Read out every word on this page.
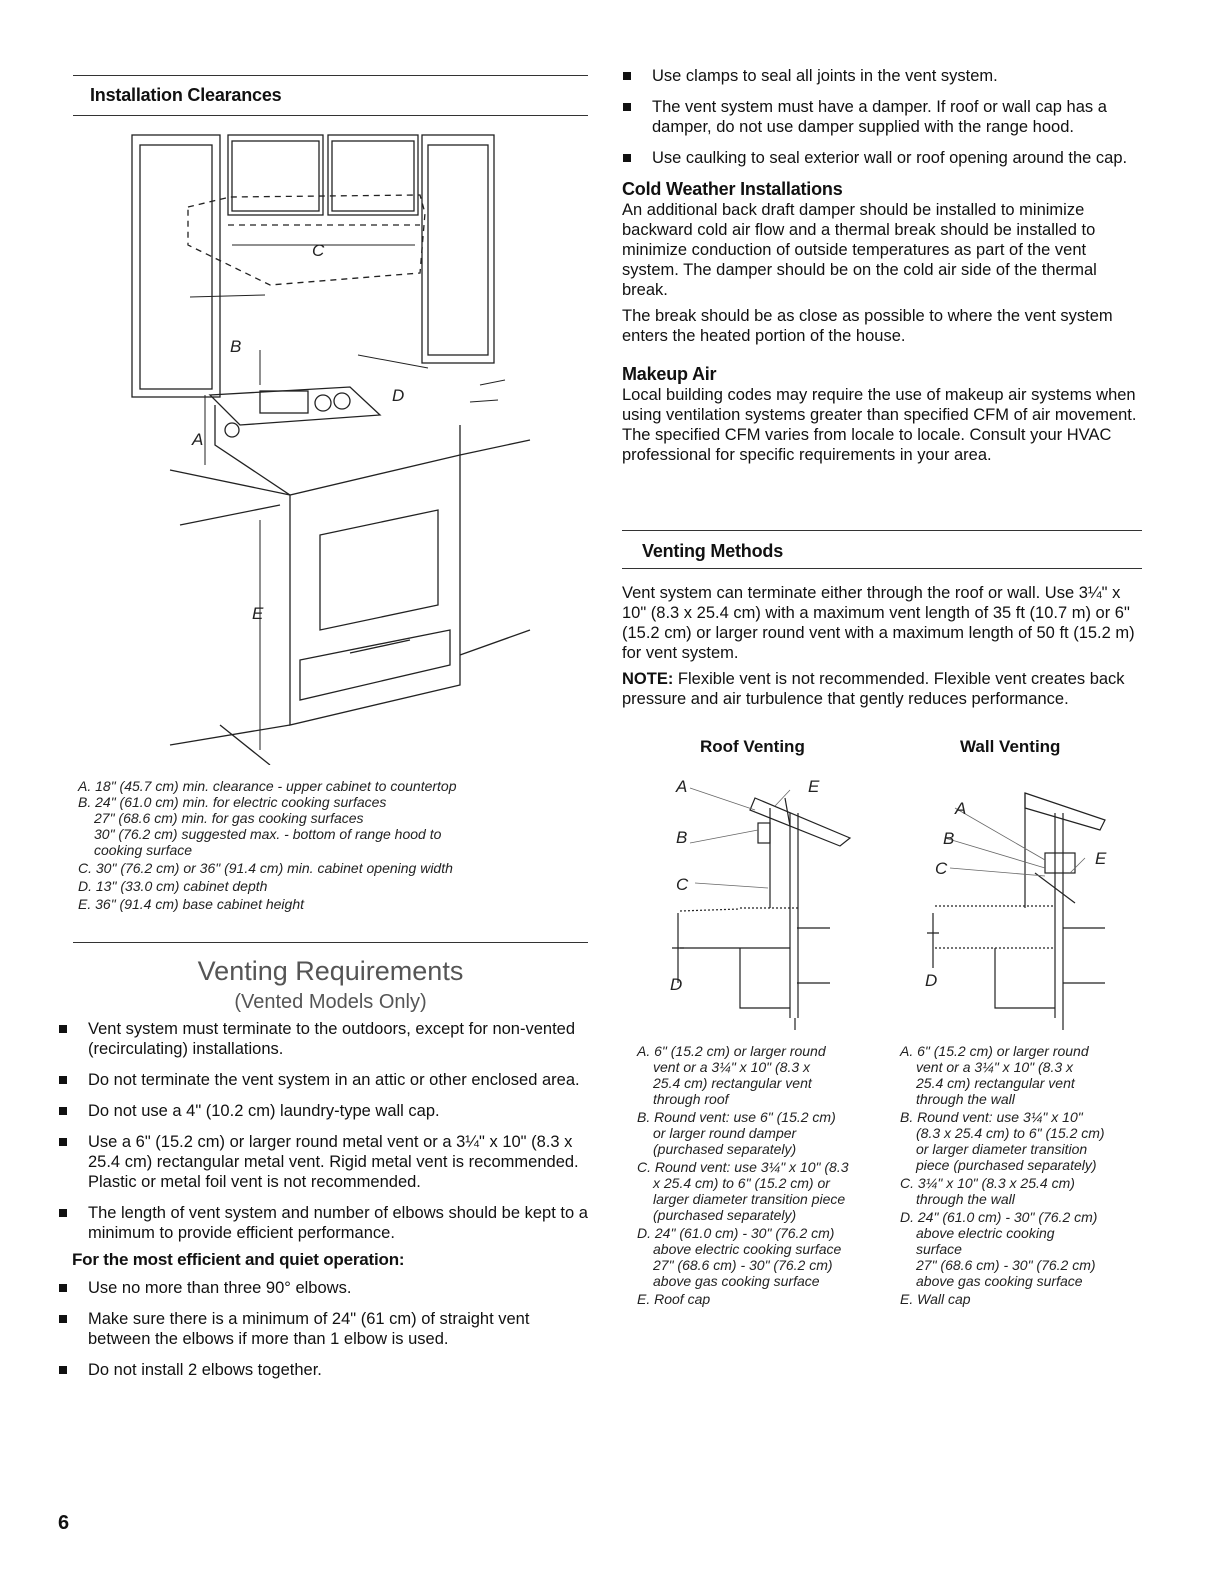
Installation Clearances
A
B
C
D
E
A. 18" (45.7 cm) min. clearance - upper cabinet to countertop
B. 24" (61.0 cm) min. for electric cooking surfaces
27" (68.6 cm) min. for gas cooking surfaces
30" (76.2 cm) suggested max. - bottom of range hood to
cooking surface
C. 30" (76.2 cm) or 36" (91.4 cm) min. cabinet opening width
D. 13" (33.0 cm) cabinet depth
E. 36" (91.4 cm) base cabinet height
Venting Requirements
(Vented Models Only)
Vent system must terminate to the outdoors, except for non-vented (recirculating) installations.
Do not terminate the vent system in an attic or other enclosed area.
Do not use a 4" (10.2 cm) laundry-type wall cap.
Use a 6" (15.2 cm) or larger round metal vent or a 3¼" x 10" (8.3 x 25.4 cm) rectangular metal vent. Rigid metal vent is recommended. Plastic or metal foil vent is not recommended.
The length of vent system and number of elbows should be kept to a minimum to provide efficient performance.
For the most efficient and quiet operation:
Use no more than three 90° elbows.
Make sure there is a minimum of 24" (61 cm) of straight vent between the elbows if more than 1 elbow is used.
Do not install 2 elbows together.
6
Use clamps to seal all joints in the vent system.
The vent system must have a damper. If roof or wall cap has a damper, do not use damper supplied with the range hood.
Use caulking to seal exterior wall or roof opening around the cap.
Cold Weather Installations

An additional back draft damper should be installed to minimize backward cold air flow and a thermal break should be installed to minimize conduction of outside temperatures as part of the vent system. The damper should be on the cold air side of the thermal break.

The break should be as close as possible to where the vent system enters the heated portion of the house.

Makeup Air

Local building codes may require the use of makeup air systems when using ventilation systems greater than specified CFM of air movement. The specified CFM varies from locale to locale. Consult your HVAC professional for specific requirements in your area.

Venting Methods

Vent system can terminate either through the roof or wall. Use 3¼" x 10" (8.3 x 25.4 cm) with a maximum vent length of 35 ft (10.7 m) or 6" (15.2 cm) or larger round vent with a maximum length of 50 ft (15.2 m) for vent system.

NOTE: Flexible vent is not recommended. Flexible vent creates back pressure and air turbulence that gently reduces performance.

Roof Venting	Wall Venting
A	E
B
C
D
A
B
C
E
D
A. 6" (15.2 cm) or larger round
vent or a 3¼" x 10" (8.3 x
25.4 cm) rectangular vent
through roof
B. Round vent: use 6" (15.2 cm)
or larger round damper
(purchased separately)
C. Round vent: use 3¼" x 10" (8.3
x 25.4 cm) to 6" (15.2 cm) or
larger diameter transition piece
(purchased separately)
D. 24" (61.0 cm) - 30" (76.2 cm)
above electric cooking surface
27" (68.6 cm) - 30" (76.2 cm)
above gas cooking surface
E. Roof cap
A. 6" (15.2 cm) or larger round
vent or a 3¼" x 10" (8.3 x
25.4 cm) rectangular vent
through the wall
B. Round vent: use 3¼" x 10"
(8.3 x 25.4 cm) to 6" (15.2 cm)
or larger diameter transition
piece (purchased separately)
C. 3¼" x 10" (8.3 x 25.4 cm)
through the wall
D. 24" (61.0 cm) - 30" (76.2 cm)
above electric cooking
surface
27" (68.6 cm) - 30" (76.2 cm)
above gas cooking surface
E. Wall cap
